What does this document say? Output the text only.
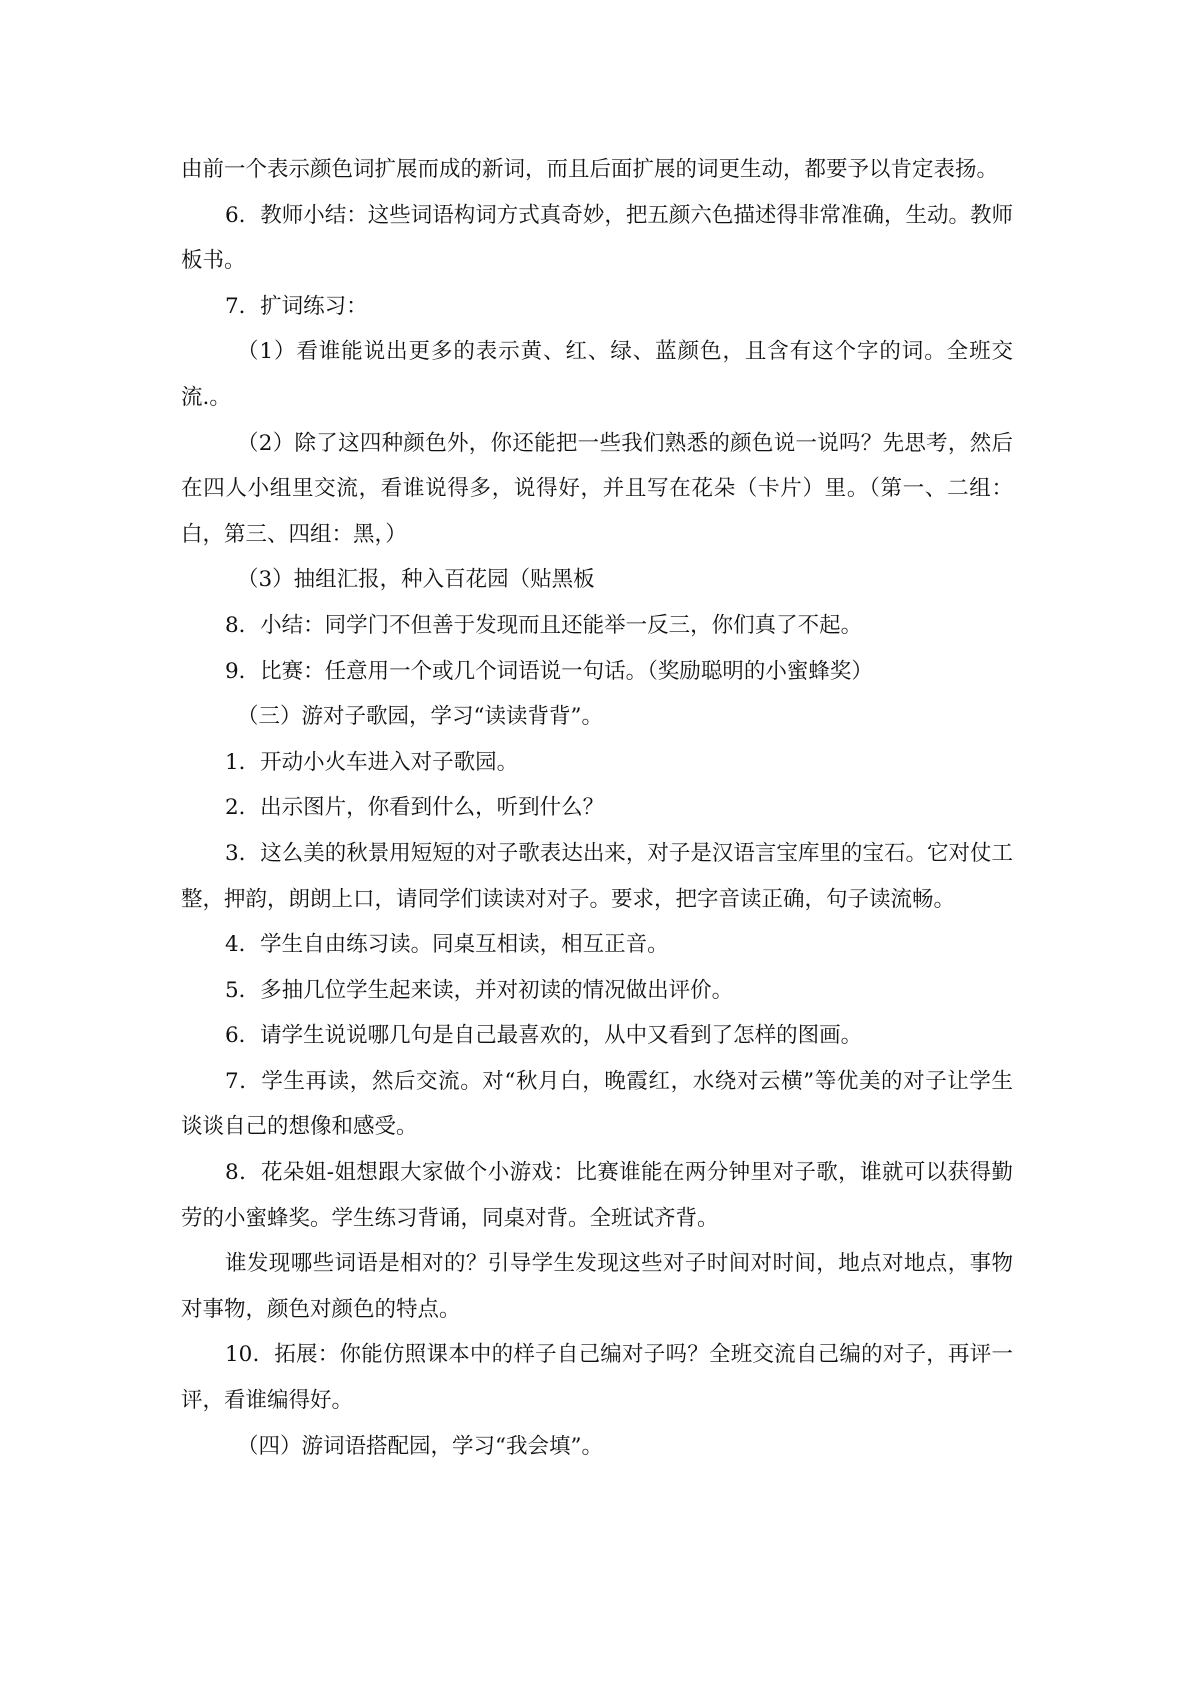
由前一个表示颜色词扩展而成的新词，而且后面扩展的词更生动，都要予以肯定表扬。

6．教师小结：这些词语构词方式真奇妙，把五颜六色描述得非常准确，生动。教师板书。

7．扩词练习：

（1）看谁能说出更多的表示黄、红、绿、蓝颜色，且含有这个字的词。全班交流.。

（2）除了这四种颜色外，你还能把一些我们熟悉的颜色说一说吗？先思考，然后在四人小组里交流，看谁说得多，说得好，并且写在花朵（卡片）里。（第一、二组：白，第三、四组：黑，）

（3）抽组汇报，种入百花园（贴黑板

8．小结：同学门不但善于发现而且还能举一反三，你们真了不起。

9．比赛：任意用一个或几个词语说一句话。（奖励聪明的小蜜蜂奖）

（三）游对子歌园，学习“读读背背”。

1．开动小火车进入对子歌园。

2．出示图片，你看到什么，听到什么？

3．这么美的秋景用短短的对子歌表达出来，对子是汉语言宝库里的宝石。它对仗工整，押韵，朗朗上口，请同学们读读对对子。要求，把字音读正确，句子读流畅。

4．学生自由练习读。同桌互相读，相互正音。

5．多抽几位学生起来读，并对初读的情况做出评价。

6．请学生说说哪几句是自己最喜欢的，从中又看到了怎样的图画。

7．学生再读，然后交流。对“秋月白，晚霞红，水绕对云横”等优美的对子让学生谈谈自己的想像和感受。

8．花朵姐-姐想跟大家做个小游戏：比赛谁能在两分钟里对子歌，谁就可以获得勤劳的小蜜蜂奖。学生练习背诵，同桌对背。全班试齐背。

谁发现哪些词语是相对的？引导学生发现这些对子时间对时间，地点对地点，事物对事物，颜色对颜色的特点。

10．拓展：你能仿照课本中的样子自己编对子吗？全班交流自己编的对子，再评一评，看谁编得好。

（四）游词语搭配园，学习“我会填”。
